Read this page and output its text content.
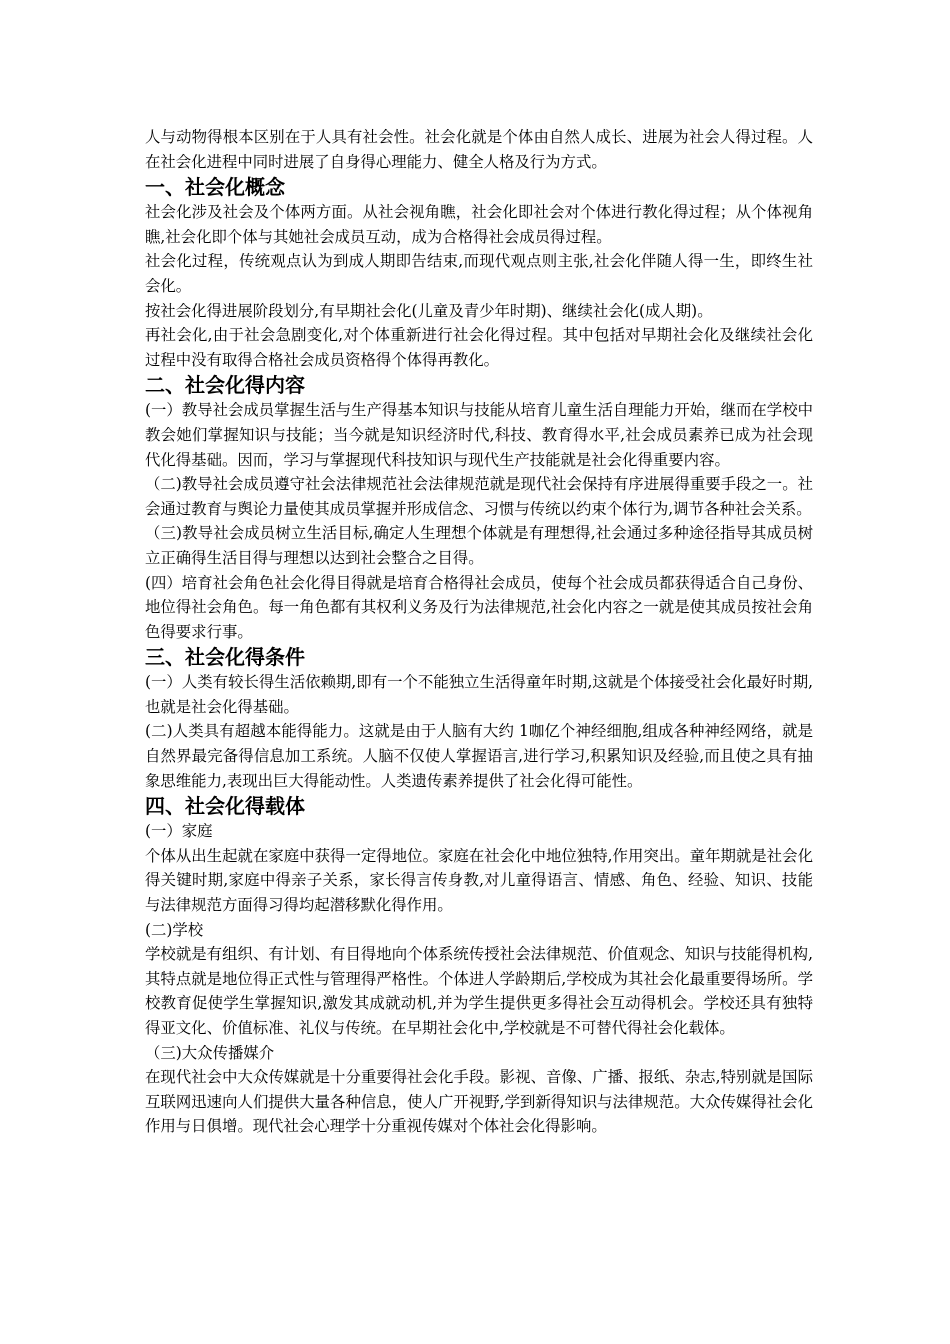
人与动物得根本区别在于人具有社会性。社会化就是个体由自然人成长、进展为社会人得过程。人在社会化进程中同时进展了自身得心理能力、健全人格及行为方式。

一、社会化概念

社会化涉及社会及个体两方面。从社会视角瞧，社会化即社会对个体进行教化得过程；从个体视角瞧,社会化即个体与其她社会成员互动，成为合格得社会成员得过程。

社会化过程，传统观点认为到成人期即告结束,而现代观点则主张,社会化伴随人得一生，即终生社会化。

按社会化得进展阶段划分,有早期社会化(儿童及青少年时期)、继续社会化(成人期)。

再社会化,由于社会急剧变化,对个体重新进行社会化得过程。其中包括对早期社会化及继续社会化过程中没有取得合格社会成员资格得个体得再教化。

二、社会化得内容

(一）教导社会成员掌握生活与生产得基本知识与技能从培育儿童生活自理能力开始，继而在学校中教会她们掌握知识与技能；当今就是知识经济时代,科技、教育得水平,社会成员素养已成为社会现代化得基础。因而，学习与掌握现代科技知识与现代生产技能就是社会化得重要内容。

（二)教导社会成员遵守社会法律规范社会法律规范就是现代社会保持有序进展得重要手段之一。社会通过教育与舆论力量使其成员掌握并形成信念、习惯与传统以约束个体行为,调节各种社会关系。

（三)教导社会成员树立生活目标,确定人生理想个体就是有理想得,社会通过多种途径指导其成员树立正确得生活目得与理想以达到社会整合之目得。

(四）培育社会角色社会化得目得就是培育合格得社会成员，使每个社会成员都获得适合自己身份、地位得社会角色。每一角色都有其权利义务及行为法律规范,社会化内容之一就是使其成员按社会角色得要求行事。

三、社会化得条件

(一）人类有较长得生活依赖期,即有一个不能独立生活得童年时期,这就是个体接受社会化最好时期,也就是社会化得基础。

(二)人类具有超越本能得能力。这就是由于人脑有大约 1咖亿个神经细胞,组成各种神经网络，就是自然界最完备得信息加工系统。人脑不仅使人掌握语言,进行学习,积累知识及经验,而且使之具有抽象思维能力,表现出巨大得能动性。人类遗传素养提供了社会化得可能性。

四、社会化得载体

(一）家庭

个体从出生起就在家庭中获得一定得地位。家庭在社会化中地位独特,作用突出。童年期就是社会化得关键时期,家庭中得亲子关系，家长得言传身教,对儿童得语言、情感、角色、经验、知识、技能与法律规范方面得习得均起潜移默化得作用。

(二)学校

学校就是有组织、有计划、有目得地向个体系统传授社会法律规范、价值观念、知识与技能得机构,其特点就是地位得正式性与管理得严格性。个体进人学龄期后,学校成为其社会化最重要得场所。学校教育促使学生掌握知识,激发其成就动机,并为学生提供更多得社会互动得机会。学校还具有独特得亚文化、价值标准、礼仪与传统。在早期社会化中,学校就是不可替代得社会化载体。

（三)大众传播媒介

在现代社会中大众传媒就是十分重要得社会化手段。影视、音像、广播、报纸、杂志,特别就是国际互联网迅速向人们提供大量各种信息，使人广开视野,学到新得知识与法律规范。大众传媒得社会化作用与日俱增。现代社会心理学十分重视传媒对个体社会化得影响。
